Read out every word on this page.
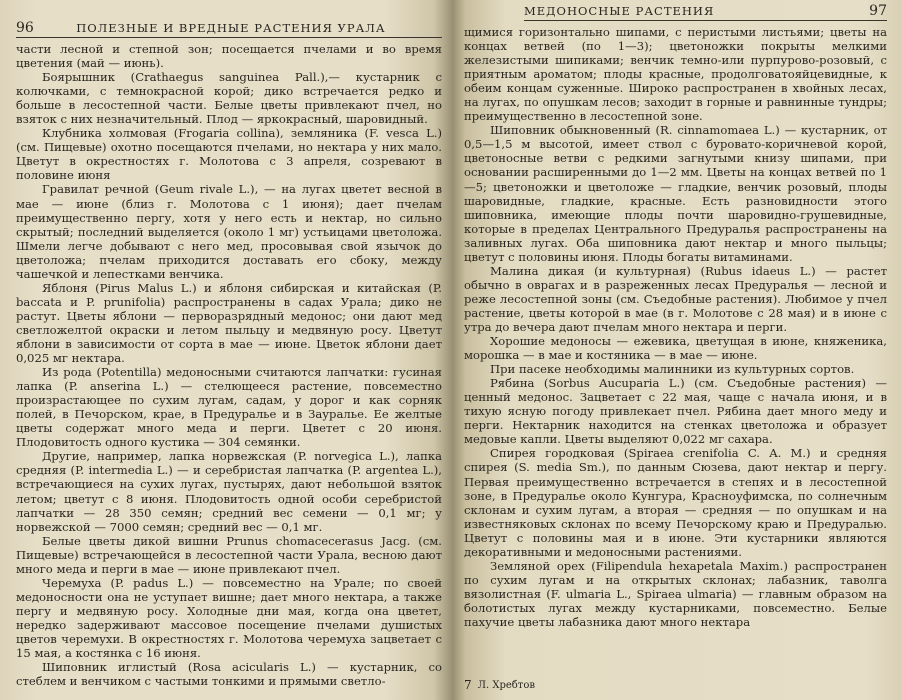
96	ПОЛЕЗНЫЕ И ВРЕДНЫЕ РАСТЕНИЯ УРАЛА

части лесной и степной зон; посещается пчелами и во время цветения (май — июнь).

Боярышник (Crathaegus sanguinea Pall.),— кустарник с колючками, с темнокрасной корой; дико встречается редко и больше в лесостепной части. Белые цветы привлекают пчел, но взяток с них незначительный. Плод — яркокрасный, шаровидный.

Клубника холмовая (Frogaria collina), земляника (F. vesca L.) (см. Пищевые) охотно посещаются пчелами, но нектара у них мало. Цветут в окрестностях г. Молотова с 3 апреля, созревают в половине июня

Гравилат речной (Geum rivale L.), — на лугах цветет весной в мае — июне (близ г. Молотова с 1 июня); дает пчелам преимущественно пергу, хотя у него есть и нектар, но сильно скрытый; последний выделяется (около 1 мг) устьицами цветоложа. Шмели легче добывают с него мед, просовывая свой язычок до цветоложа; пчелам приходится доставать его сбоку, между чашечкой и лепестками венчика.

Яблоня (Pirus Malus L.) и яблоня сибирская и китайская (P. baccata и P. prunifolia) распространены в садах Урала; дико не растут. Цветы яблони — перворазрядный медонос; они дают мед светложелтой окраски и летом пыльцу и медвяную росу. Цветут яблони в зависимости от сорта в мае — июне. Цветок яблони дает 0,025 мг нектара.

Из рода (Potentilla) медоносными считаются лапчатки: гусиная лапка (P. anserina L.) — стелющееся растение, повсеместно произрастающее по сухим лугам, садам, у дорог и как сорняк полей, в Печорском, крае, в Предуралье и в Зауралье. Ее желтые цветы содержат много меда и перги. Цветет с 20 июня. Плодовитость одного кустика — 304 семянки.

Другие, например, лапка норвежская (P. norvegica L.), лапка средняя (P. intermedia L.) — и серебристая лапчатка (P. argentea L.), встречающиеся на сухих лугах, пустырях, дают небольшой взяток летом; цветут с 8 июня. Плодовитость одной особи серебристой лапчатки — 28 350 семян; средний вес семени — 0,1 мг; у норвежской — 7000 семян; средний вес — 0,1 мг.

Белые цветы дикой вишни Prunus chomacecerasus Jacg. (см. Пищевые) встречающейся в лесостепной части Урала, весною дают много меда и перги в мае — июне привлекают пчел.

Черемуха (P. padus L.) — повсеместно на Урале; по своей медоносности она не уступает вишне; дает много нектара, а также пергу и медвяную росу. Холодные дни мая, когда она цветет, нередко задерживают массовое посещение пчелами душистых цветов черемухи. В окрестностях г. Молотова черемуха зацветает с 15 мая, а костянка с 16 июня.

Шиповник иглистый (Rosa acicularis L.) — кустарник, со стеблем и венчиком с частыми тонкими и прямыми светло-

МЕДОНОСНЫЕ РАСТЕНИЯ	97

щимися горизонтально шипами, с перистыми листьями; цветы на концах ветвей (по 1—3); цветоножки покрыты мелкими железистыми шипиками; венчик темно-или пурпурово-розовый, с приятным ароматом; плоды красные, продолговатояйцевидные, к обеим концам суженные. Широко распространен в хвойных лесах, на лугах, по опушкам лесов; заходит в горные и равнинные тундры; преимущественно в лесостепной зоне.

Шиповник обыкновенный (R. cinnamomaea L.) — кустарник, от 0,5—1,5 м высотой, имеет ствол с буровато-коричневой корой, цветоносные ветви с редкими загнутыми книзу шипами, при основании расширенными до 1—2 мм. Цветы на концах ветвей по 1—5; цветоножки и цветоложе — гладкие, венчик розовый, плоды шаровидные, гладкие, красные. Есть разновидности этого шиповника, имеющие плоды почти шаровидно-грушевидные, которые в пределах Центрального Предуралья распространены на заливных лугах. Оба шиповника дают нектар и много пыльцы; цветут с половины июня. Плоды богаты витаминами.

Малина дикая (и культурная) (Rubus idaeus L.) — растет обычно в оврагах и в разреженных лесах Предуралья — лесной и реже лесостепной зоны (см. Съедобные растения). Любимое у пчел растение, цветы которой в мае (в г. Молотове с 28 мая) и в июне с утра до вечера дают пчелам много нектара и перги.

Хорошие медоносы — ежевика, цветущая в июне, княженика, морошка — в мае и костяника — в мае — июне.

При пасеке необходимы малинники из культурных сортов.

Рябина (Sorbus Aucuparia L.) (см. Съедобные растения) — ценный медонос. Зацветает с 22 мая, чаще с начала июня, и в тихую ясную погоду привлекает пчел. Рябина дает много меду и перги. Нектарник находится на стенках цветоложа и образует медовые капли. Цветы выделяют 0,022 мг сахара.

Спирея городковая (Spiraea crenifolia C. A. M.) и средняя спирея (S. media Sm.), по данным Сюзева, дают нектар и пергу. Первая преимущественно встречается в степях и в лесостепной зоне, в Предуралье около Кунгура, Красноуфимска, по солнечным склонам и сухим лугам, а вторая — средняя — по опушкам и на известняковых склонах по всему Печорскому краю и Предуралью. Цветут с половины мая и в июне. Эти кустарники являются декоративными и медоносными растениями.

Земляной орех (Filipendula hexapetala Maxim.) распространен по сухим лугам и на открытых склонах; лабазник, таволга вязолистная (F. ulmaria L., Spiraea ulmaria) — главным образом на болотистых лугах между кустарниками, повсеместно. Белые пахучие цветы лабазника дают много нектара

7 Л. Хребтов
